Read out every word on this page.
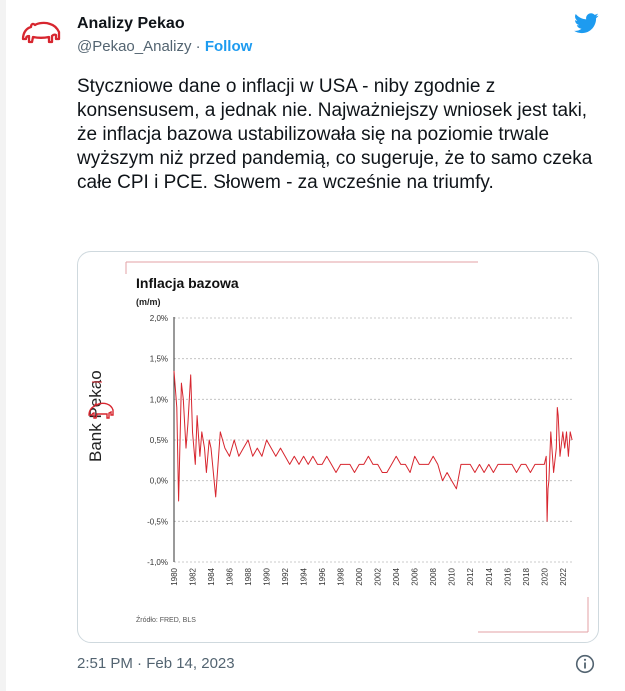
Analizy Pekao
@Pekao_Analizy · Follow
Styczniowe dane o inflacji w USA - niby zgodnie z konsensusem, a jednak nie. Najważniejszy wniosek jest taki, że inflacja bazowa ustabilizowała się na poziomie trwale wyższym niż przed pandemią, co sugeruje, że to samo czeka całe CPI i PCE. Słowem - za wcześnie na triumfy.
Bank Pekao
Inflacja bazowa
(m/m)
2,0%
1,5%
1,0%
0,5%
0,0%
-0,5%
-1,0%
1980 1982 1984 1986 1988 1990 1992 1994 1996 1998 2000 2002 2004 2006 2008 2010 2012 2014 2016 2018 2020 2022
Źródło: FRED, BLS
2:51 PM · Feb 14, 2023
